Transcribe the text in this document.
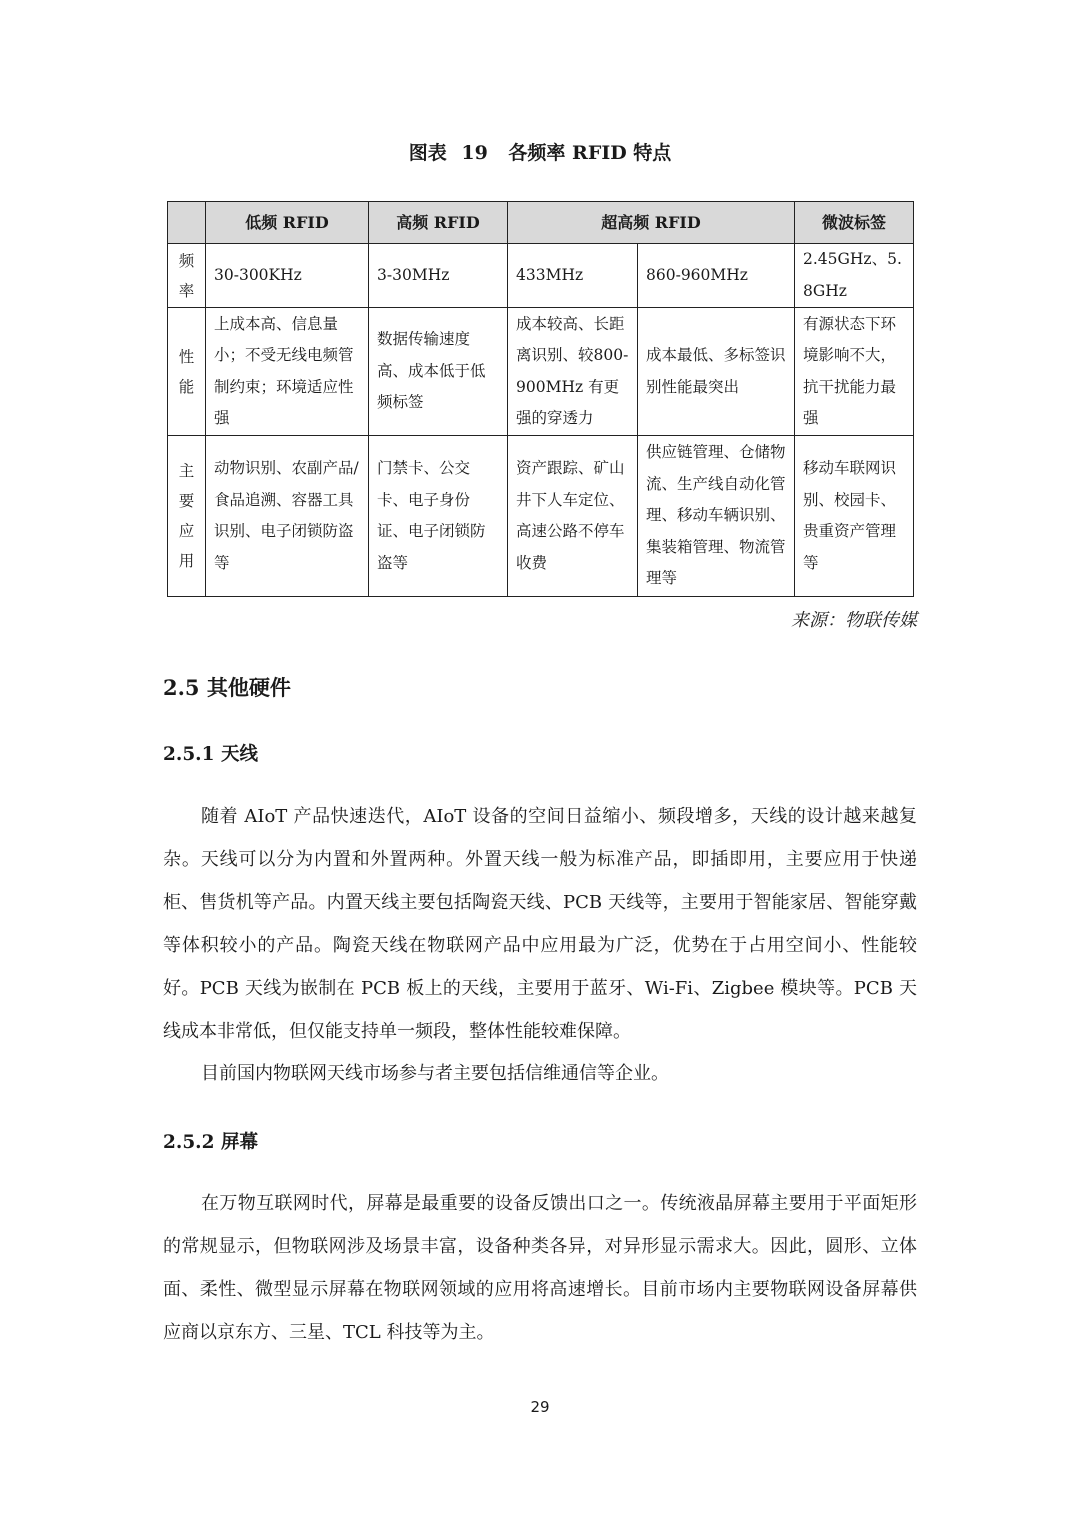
图表 19 各频率 RFID 特点
	低频 RFID	高频 RFID	超高频 RFID		微波标签

频
率	30-300KHz	3-30MHz	433MHz	860-960MHz	2.45GHz、5.8GHz

性
能	上成本高、信息量小；不受无线电频管制约束；环境适应性强	数据传输速度高、成本低于低频标签	成本较高、长距离识别、较800-900MHz 有更强的穿透力	成本最低、多标签识别性能最突出	有源状态下环境影响不大，抗干扰能力最强

主
要
应
用	动物识别、农副产品/食品追溯、容器工具识别、电子闭锁防盗等	门禁卡、公交卡、电子身份证、电子闭锁防盗等	资产跟踪、矿山井下人车定位、高速公路不停车收费	供应链管理、仓储物流、生产线自动化管理、移动车辆识别、集装箱管理、物流管理等	移动车联网识别、校园卡、贵重资产管理等
来源：物联传媒
2.5 其他硬件
2.5.1 天线

随着 AIoT 产品快速迭代，AIoT 设备的空间日益缩小、频段增多，天线的设计越来越复杂。天线可以分为内置和外置两种。外置天线一般为标准产品，即插即用，主要应用于快递柜、售货机等产品。内置天线主要包括陶瓷天线、PCB 天线等，主要用于智能家居、智能穿戴等体积较小的产品。陶瓷天线在物联网产品中应用最为广泛，优势在于占用空间小、性能较好。PCB 天线为嵌制在 PCB 板上的天线，主要用于蓝牙、Wi-Fi、Zigbee 模块等。PCB 天线成本非常低，但仅能支持单一频段，整体性能较难保障。

目前国内物联网天线市场参与者主要包括信维通信等企业。

2.5.2 屏幕

在万物互联网时代，屏幕是最重要的设备反馈出口之一。传统液晶屏幕主要用于平面矩形的常规显示，但物联网涉及场景丰富，设备种类各异，对异形显示需求大。因此，圆形、立体面、柔性、微型显示屏幕在物联网领域的应用将高速增长。目前市场内主要物联网设备屏幕供应商以京东方、三星、TCL 科技等为主。

29
